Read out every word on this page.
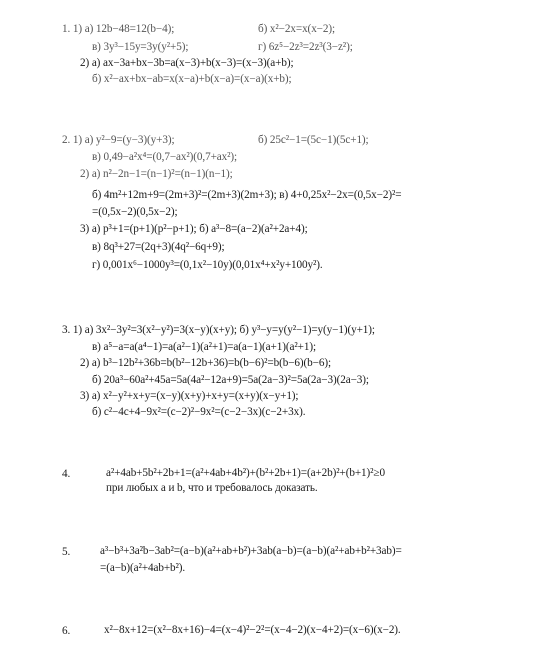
1. 1) а) 12b−48=12(b−4);	б) x²−2x=x(x−2);
в) 3y³−15y=3y(y²+5);	г) 6z⁵−2z³=2z³(3−z²);
2) а) ax−3a+bx−3b=a(x−3)+b(x−3)=(x−3)(a+b);
б) x²−ax+bx−ab=x(x−a)+b(x−a)=(x−a)(x+b);
2. 1) а) y²−9=(y−3)(y+3);	б) 25c²−1=(5c−1)(5c+1);
в) 0,49−a²x⁴=(0,7−ax²)(0,7+ax²);
2) а) n²−2n−1=(n−1)²=(n−1)(n−1);
б) 4m²+12m+9=(2m+3)²=(2m+3)(2m+3); в) 4+0,25x²−2x=(0,5x−2)²=
=(0,5x−2)(0,5x−2);
3) а) p³+1=(p+1)(p²−p+1); б) a³−8=(a−2)(a²+2a+4);
в) 8q³+27=(2q+3)(4q²−6q+9);
г) 0,001x⁶−1000y³=(0,1x²−10y)(0,01x⁴+x²y+100y²).
3. 1) а) 3x²−3y²=3(x²−y²)=3(x−y)(x+y); б) y³−y=y(y²−1)=y(y−1)(y+1);
в) a⁵−a=a(a⁴−1)=a(a²−1)(a²+1)=a(a−1)(a+1)(a²+1);
2) а) b³−12b²+36b=b(b²−12b+36)=b(b−6)²=b(b−6)(b−6);
б) 20a³−60a²+45a=5a(4a²−12a+9)=5a(2a−3)²=5a(2a−3)(2a−3);
3) а) x²−y²+x+y=(x−y)(x+y)+x+y=(x+y)(x−y+1);
б) c²−4c+4−9x²=(c−2)²−9x²=(c−2−3x)(c−2+3x).
4.	a²+4ab+5b²+2b+1=(a²+4ab+4b²)+(b²+2b+1)=(a+2b)²+(b+1)²≥0
при любых a и b, что и требовалось доказать.
5.	a³−b³+3a²b−3ab²=(a−b)(a²+ab+b²)+3ab(a−b)=(a−b)(a²+ab+b²+3ab)=
=(a−b)(a²+4ab+b²).
6.	x²−8x+12=(x²−8x+16)−4=(x−4)²−2²=(x−4−2)(x−4+2)=(x−6)(x−2).
